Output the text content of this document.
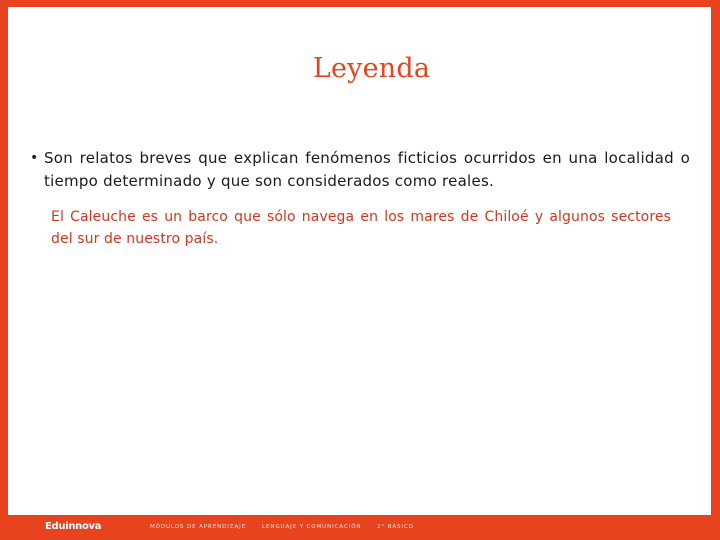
Leyenda
• Son relatos breves que explican fenómenos ficticios ocurridos en una localidad o tiempo determinado y que son considerados como reales.
El Caleuche es un barco que sólo navega en los mares de Chiloé y algunos sectores del sur de nuestro país.
Eduinnova	MÓDULOS DE APRENDIZAJE	LENGUAJE Y COMUNICACIÓN	2° BÁSICO
